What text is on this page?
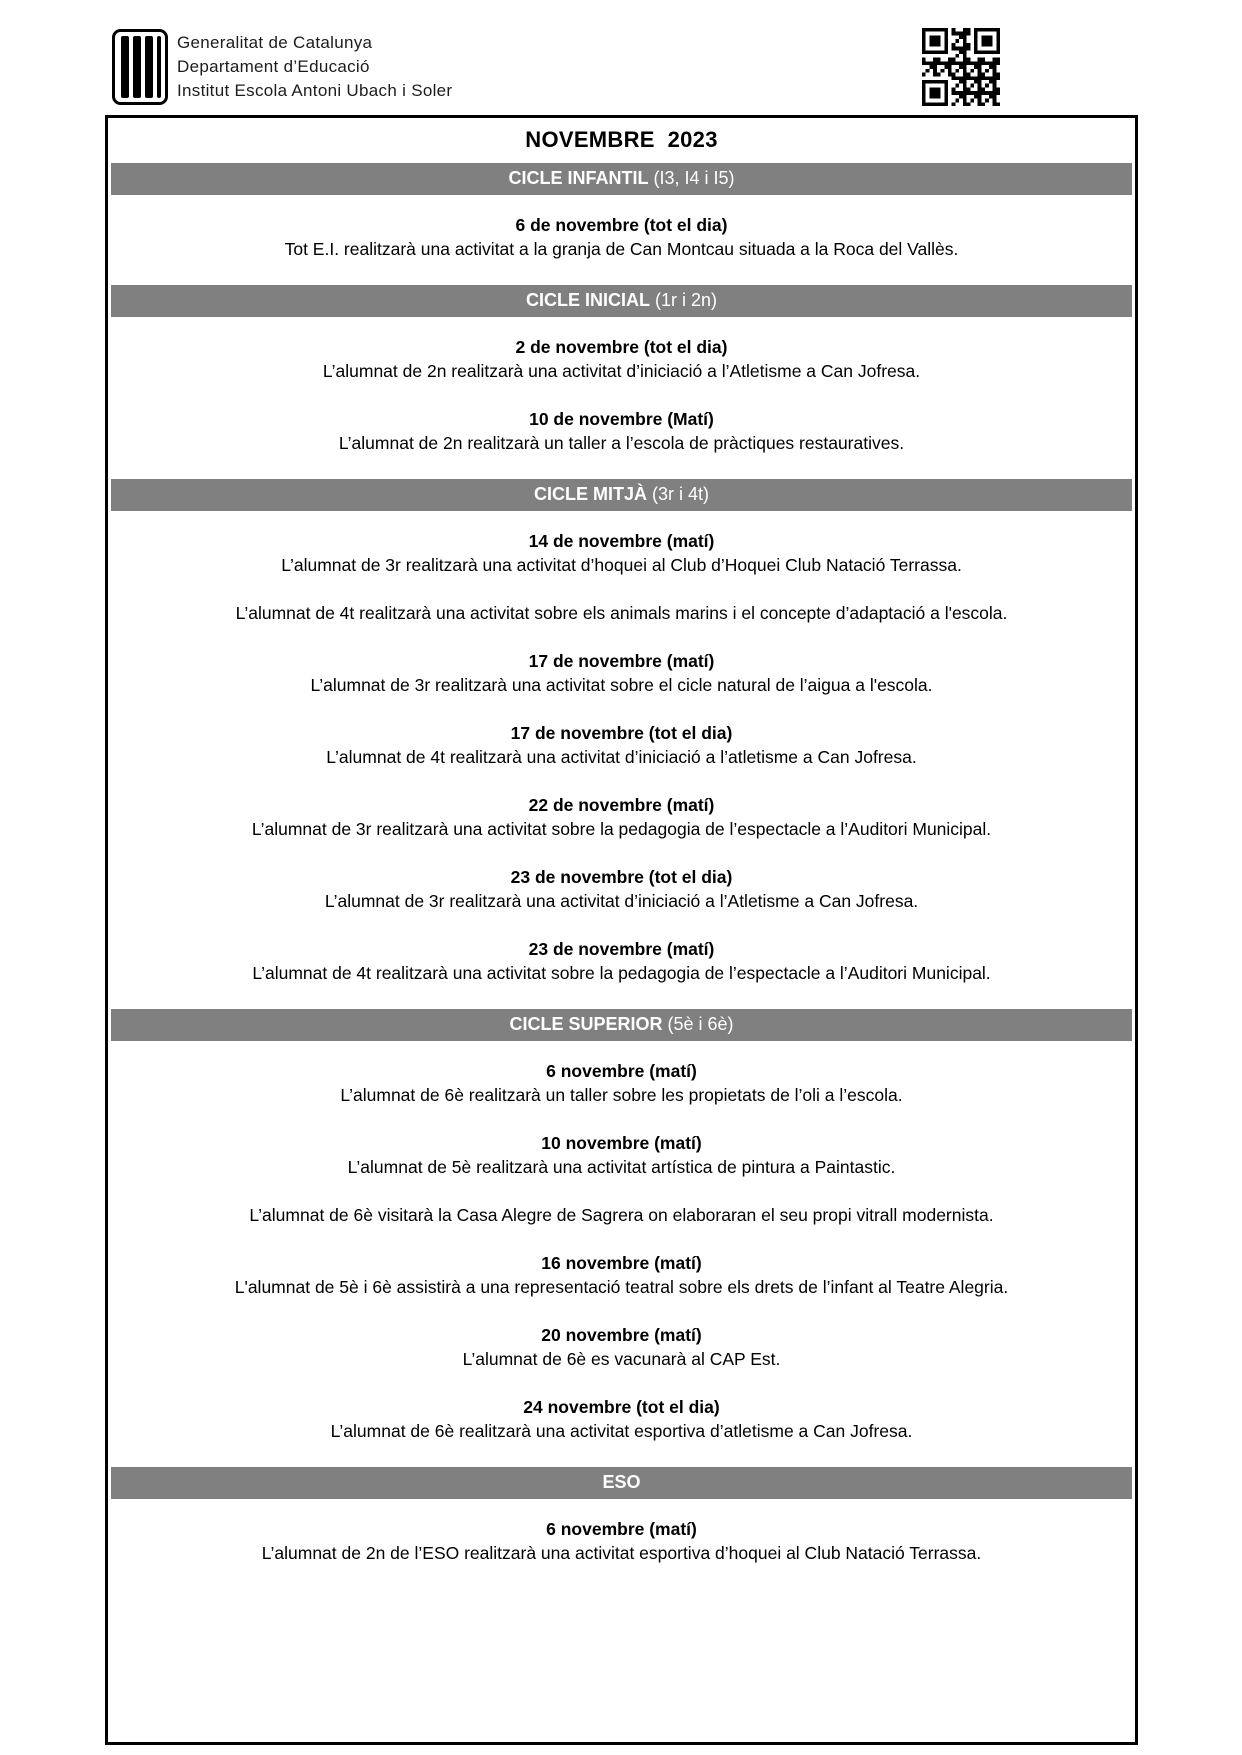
Generalitat de Catalunya
Departament d’Educació
Institut Escola Antoni Ubach i Soler
NOVEMBRE  2023
CICLE INFANTIL (I3, I4 i I5)

6 de novembre (tot el dia)

Tot E.I. realitzarà una activitat a la granja de Can Montcau situada a la Roca del Vallès.

CICLE INICIAL (1r i 2n)

2 de novembre (tot el dia)

L’alumnat de 2n realitzarà una activitat d’iniciació a l’Atletisme a Can Jofresa.

10 de novembre (Matí)

L’alumnat de 2n realitzarà un taller a l’escola de pràctiques restauratives.

CICLE MITJÀ (3r i 4t)

14 de novembre (matí)

L’alumnat de 3r realitzarà una activitat d’hoquei al Club d’Hoquei Club Natació Terrassa.

L’alumnat de 4t realitzarà una activitat sobre els animals marins i el concepte d’adaptació a l'escola.

17 de novembre (matí)

L’alumnat de 3r realitzarà una activitat sobre el cicle natural de l’aigua a l'escola.

17 de novembre (tot el dia)

L’alumnat de 4t realitzarà una activitat d’iniciació a l’atletisme a Can Jofresa.

22 de novembre (matí)

L’alumnat de 3r realitzarà una activitat sobre la pedagogia de l’espectacle a l’Auditori Municipal.

23 de novembre (tot el dia)

L’alumnat de 3r realitzarà una activitat d’iniciació a l’Atletisme a Can Jofresa.

23 de novembre (matí)

L’alumnat de 4t realitzarà una activitat sobre la pedagogia de l’espectacle a l’Auditori Municipal.

CICLE SUPERIOR (5è i 6è)

6 novembre (matí)

L’alumnat de 6è realitzarà un taller sobre les propietats de l’oli a l’escola.

10 novembre (matí)

L’alumnat de 5è realitzarà una activitat artística de pintura a Paintastic.

L’alumnat de 6è visitarà la Casa Alegre de Sagrera on elaboraran el seu propi vitrall modernista.

16 novembre (matí)

L'alumnat de 5è i 6è assistirà a una representació teatral sobre els drets de l’infant al Teatre Alegria.

20 novembre (matí)

L’alumnat de 6è es vacunarà al CAP Est.

24 novembre (tot el dia)

L’alumnat de 6è realitzarà una activitat esportiva d’atletisme a Can Jofresa.

ESO

6 novembre (matí)

L’alumnat de 2n de l’ESO realitzarà una activitat esportiva d’hoquei al Club Natació Terrassa.
